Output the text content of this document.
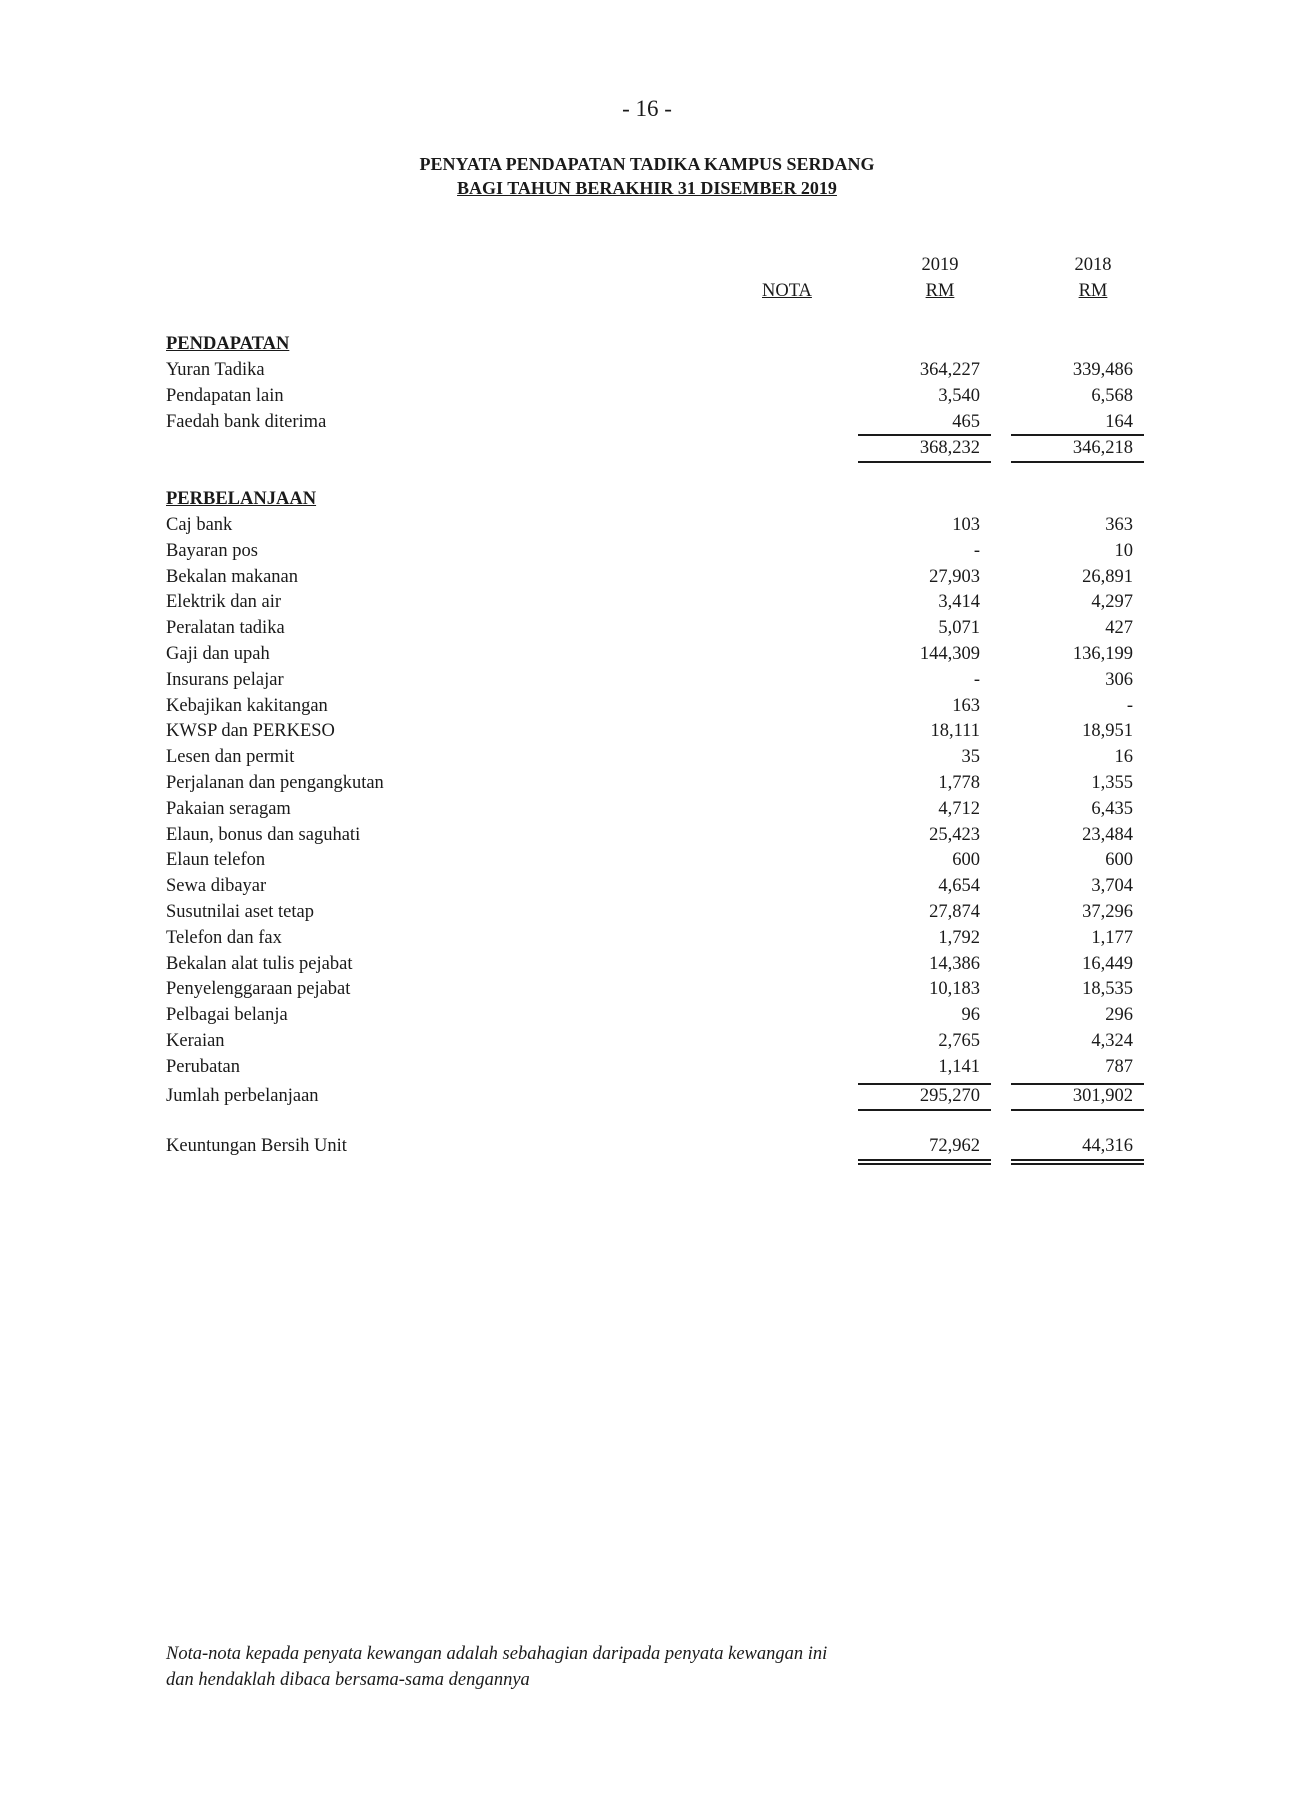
- 16 -
PENYATA PENDAPATAN TADIKA KAMPUS SERDANG
BAGI TAHUN BERAKHIR 31 DISEMBER 2019
2019	2018
NOTA	RM	RM
PENDAPATAN
Yuran Tadika	364,227	339,486
Pendapatan lain	3,540	6,568
Faedah bank diterima	465	164
368,232	346,218
PERBELANJAAN
Caj bank	103	363
Bayaran pos	-	10
Bekalan makanan	27,903	26,891
Elektrik dan air	3,414	4,297
Peralatan tadika	5,071	427
Gaji dan upah	144,309	136,199
Insurans pelajar	-	306
Kebajikan kakitangan	163	-
KWSP dan PERKESO	18,111	18,951
Lesen dan permit	35	16
Perjalanan dan pengangkutan	1,778	1,355
Pakaian seragam	4,712	6,435
Elaun, bonus dan saguhati	25,423	23,484
Elaun telefon	600	600
Sewa dibayar	4,654	3,704
Susutnilai aset tetap	27,874	37,296
Telefon dan fax	1,792	1,177
Bekalan alat tulis pejabat	14,386	16,449
Penyelenggaraan pejabat	10,183	18,535
Pelbagai belanja	96	296
Keraian	2,765	4,324
Perubatan	1,141	787
Jumlah perbelanjaan	295,270	301,902
Keuntungan Bersih Unit	72,962	44,316
Nota-nota kepada penyata kewangan adalah sebahagian daripada penyata kewangan ini
dan hendaklah dibaca bersama-sama dengannya
